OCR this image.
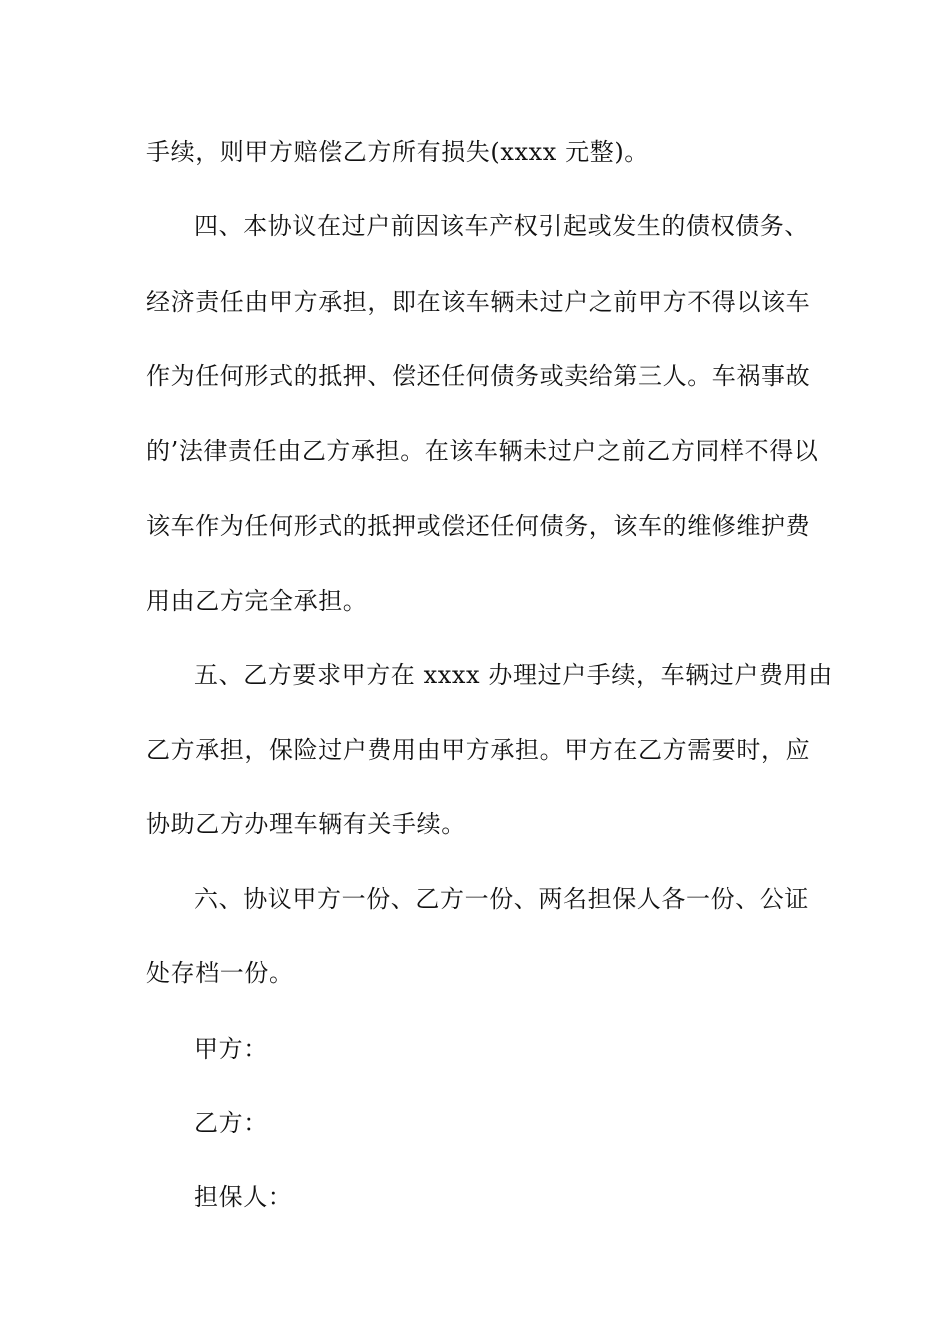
手续，则甲方赔偿乙方所有损失(xxxx 元整)。
四、本协议在过户前因该车产权引起或发生的债权债务、
经济责任由甲方承担，即在该车辆未过户之前甲方不得以该车
作为任何形式的抵押、偿还任何债务或卖给第三人。车祸事故
的’法律责任由乙方承担。在该车辆未过户之前乙方同样不得以
该车作为任何形式的抵押或偿还任何债务，该车的维修维护费
用由乙方完全承担。
五、乙方要求甲方在 xxxx 办理过户手续，车辆过户费用由
乙方承担，保险过户费用由甲方承担。甲方在乙方需要时，应
协助乙方办理车辆有关手续。
六、协议甲方一份、乙方一份、两名担保人各一份、公证
处存档一份。
甲方：
乙方：
担保人：
